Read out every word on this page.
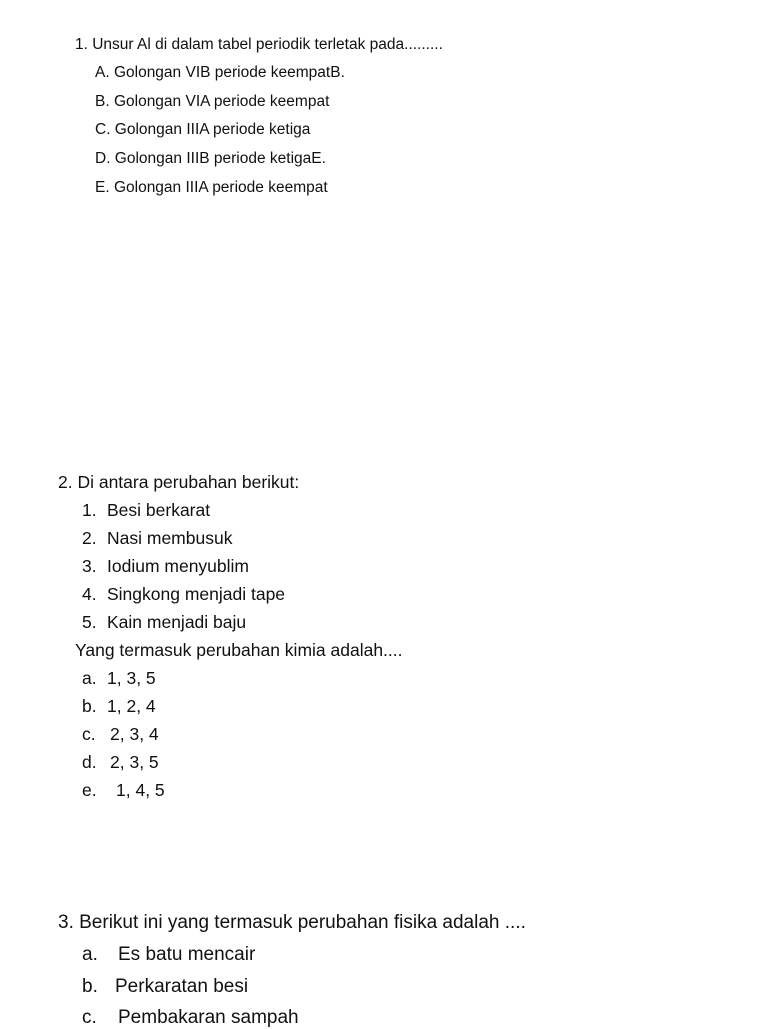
1. Unsur Al di dalam tabel periodik terletak pada.........
A. Golongan VIB periode keempatB.
B. Golongan VIA periode keempat
C. Golongan IIIA periode ketiga
D. Golongan IIIB periode ketigaE.
E. Golongan IIIA periode keempat
2. Di antara perubahan berikut:
1. Besi berkarat
2. Nasi membusuk
3. Iodium menyublim
4. Singkong menjadi tape
5. Kain menjadi baju
Yang termasuk perubahan kimia adalah....
a. 1, 3, 5
b. 1, 2, 4
c. 2, 3, 4
d. 2, 3, 5
e. 1, 4, 5
3. Berikut ini yang termasuk perubahan fisika adalah ....
a. Es batu mencair
b. Perkaratan besi
c. Pembakaran sampah
